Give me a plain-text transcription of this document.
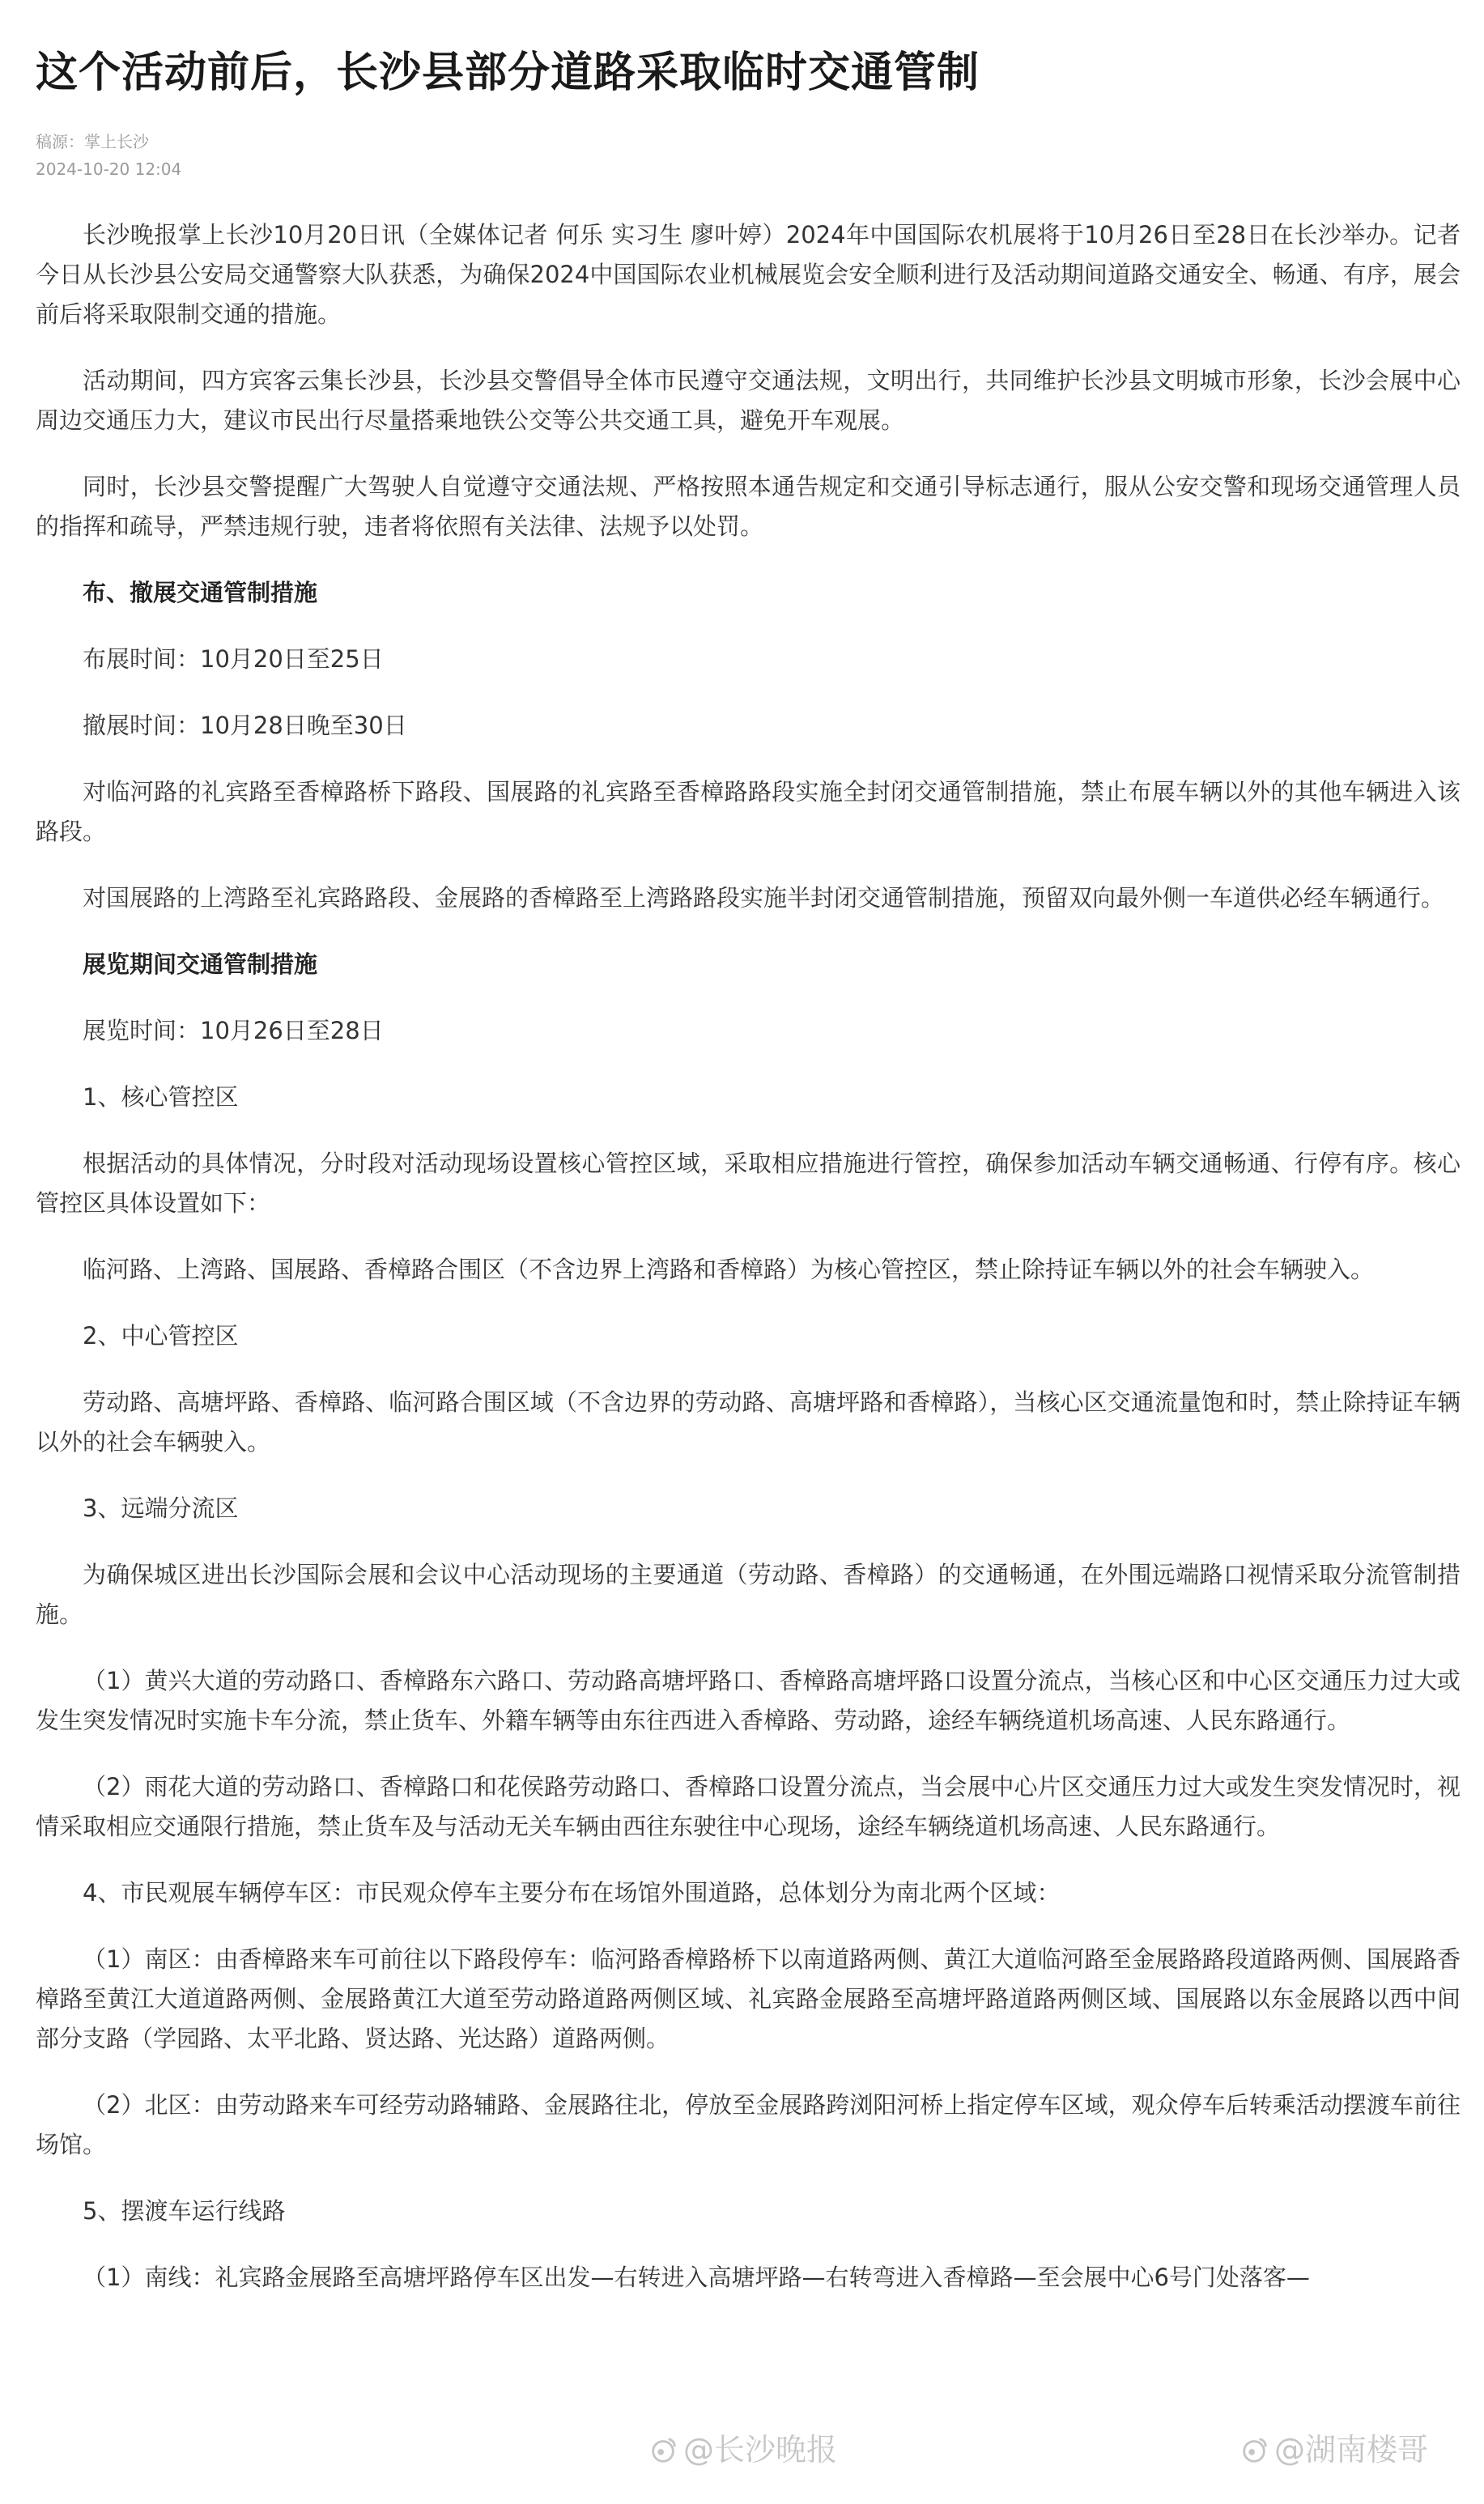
这个活动前后，长沙县部分道路采取临时交通管制
稿源：掌上长沙
2024-10-20 12:04

长沙晚报掌上长沙10月20日讯（全媒体记者 何乐 实习生 廖叶婷）2024年中国国际农机展将于10月26日至28日在长沙举办。记者今日从长沙县公安局交通警察大队获悉，为确保2024中国国际农业机械展览会安全顺利进行及活动期间道路交通安全、畅通、有序，展会前后将采取限制交通的措施。

活动期间，四方宾客云集长沙县，长沙县交警倡导全体市民遵守交通法规，文明出行，共同维护长沙县文明城市形象，长沙会展中心周边交通压力大，建议市民出行尽量搭乘地铁公交等公共交通工具，避免开车观展。

同时，长沙县交警提醒广大驾驶人自觉遵守交通法规、严格按照本通告规定和交通引导标志通行，服从公安交警和现场交通管理人员的指挥和疏导，严禁违规行驶，违者将依照有关法律、法规予以处罚。

布、撤展交通管制措施

布展时间：10月20日至25日

撤展时间：10月28日晚至30日

对临河路的礼宾路至香樟路桥下路段、国展路的礼宾路至香樟路路段实施全封闭交通管制措施，禁止布展车辆以外的其他车辆进入该路段。

对国展路的上湾路至礼宾路路段、金展路的香樟路至上湾路路段实施半封闭交通管制措施，预留双向最外侧一车道供必经车辆通行。

展览期间交通管制措施

展览时间：10月26日至28日

1、核心管控区

根据活动的具体情况，分时段对活动现场设置核心管控区域，采取相应措施进行管控，确保参加活动车辆交通畅通、行停有序。核心管控区具体设置如下：

临河路、上湾路、国展路、香樟路合围区（不含边界上湾路和香樟路）为核心管控区，禁止除持证车辆以外的社会车辆驶入。

2、中心管控区

劳动路、高塘坪路、香樟路、临河路合围区域（不含边界的劳动路、高塘坪路和香樟路），当核心区交通流量饱和时，禁止除持证车辆以外的社会车辆驶入。

3、远端分流区

为确保城区进出长沙国际会展和会议中心活动现场的主要通道（劳动路、香樟路）的交通畅通，在外围远端路口视情采取分流管制措施。

（1）黄兴大道的劳动路口、香樟路东六路口、劳动路高塘坪路口、香樟路高塘坪路口设置分流点，当核心区和中心区交通压力过大或发生突发情况时实施卡车分流，禁止货车、外籍车辆等由东往西进入香樟路、劳动路，途经车辆绕道机场高速、人民东路通行。

（2）雨花大道的劳动路口、香樟路口和花侯路劳动路口、香樟路口设置分流点，当会展中心片区交通压力过大或发生突发情况时，视情采取相应交通限行措施，禁止货车及与活动无关车辆由西往东驶往中心现场，途经车辆绕道机场高速、人民东路通行。

4、市民观展车辆停车区：市民观众停车主要分布在场馆外围道路，总体划分为南北两个区域：

（1）南区：由香樟路来车可前往以下路段停车：临河路香樟路桥下以南道路两侧、黄江大道临河路至金展路路段道路两侧、国展路香樟路至黄江大道道路两侧、金展路黄江大道至劳动路道路两侧区域、礼宾路金展路至高塘坪路道路两侧区域、国展路以东金展路以西中间部分支路（学园路、太平北路、贤达路、光达路）道路两侧。

（2）北区：由劳动路来车可经劳动路辅路、金展路往北，停放至金展路跨浏阳河桥上指定停车区域，观众停车后转乘活动摆渡车前往场馆。

5、摆渡车运行线路

（1）南线：礼宾路金展路至高塘坪路停车区出发—右转进入高塘坪路—右转弯进入香樟路—至会展中心6号门处落客—

@长沙晚报	@湖南楼哥
